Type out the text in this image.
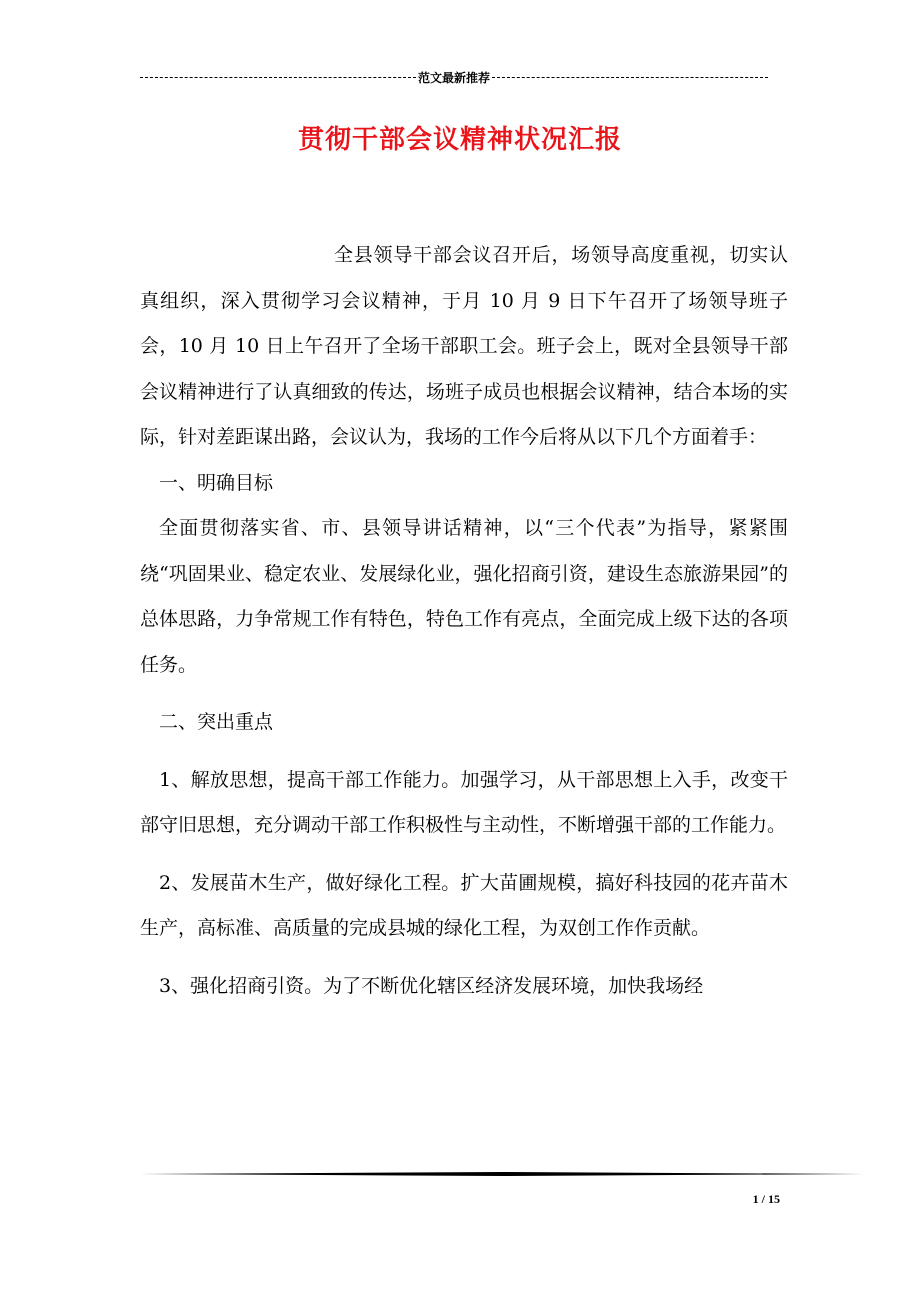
范文最新推荐
贯彻干部会议精神状况汇报

全县领导干部会议召开后，场领导高度重视，切实认真组织，深入贯彻学习会议精神，于月 10 月 9 日下午召开了场领导班子会，10 月 10 日上午召开了全场干部职工会。班子会上，既对全县领导干部会议精神进行了认真细致的传达，场班子成员也根据会议精神，结合本场的实际，针对差距谋出路，会议认为，我场的工作今后将从以下几个方面着手：

一、明确目标

全面贯彻落实省、市、县领导讲话精神，以“三个代表”为指导，紧紧围绕“巩固果业、稳定农业、发展绿化业，强化招商引资，建设生态旅游果园”的总体思路，力争常规工作有特色，特色工作有亮点，全面完成上级下达的各项任务。

二、突出重点

1、解放思想，提高干部工作能力。加强学习，从干部思想上入手，改变干部守旧思想，充分调动干部工作积极性与主动性，不断增强干部的工作能力。

2、发展苗木生产，做好绿化工程。扩大苗圃规模，搞好科技园的花卉苗木生产，高标准、高质量的完成县城的绿化工程，为双创工作作贡献。

3、强化招商引资。为了不断优化辖区经济发展环境，加快我场经

1 / 15
